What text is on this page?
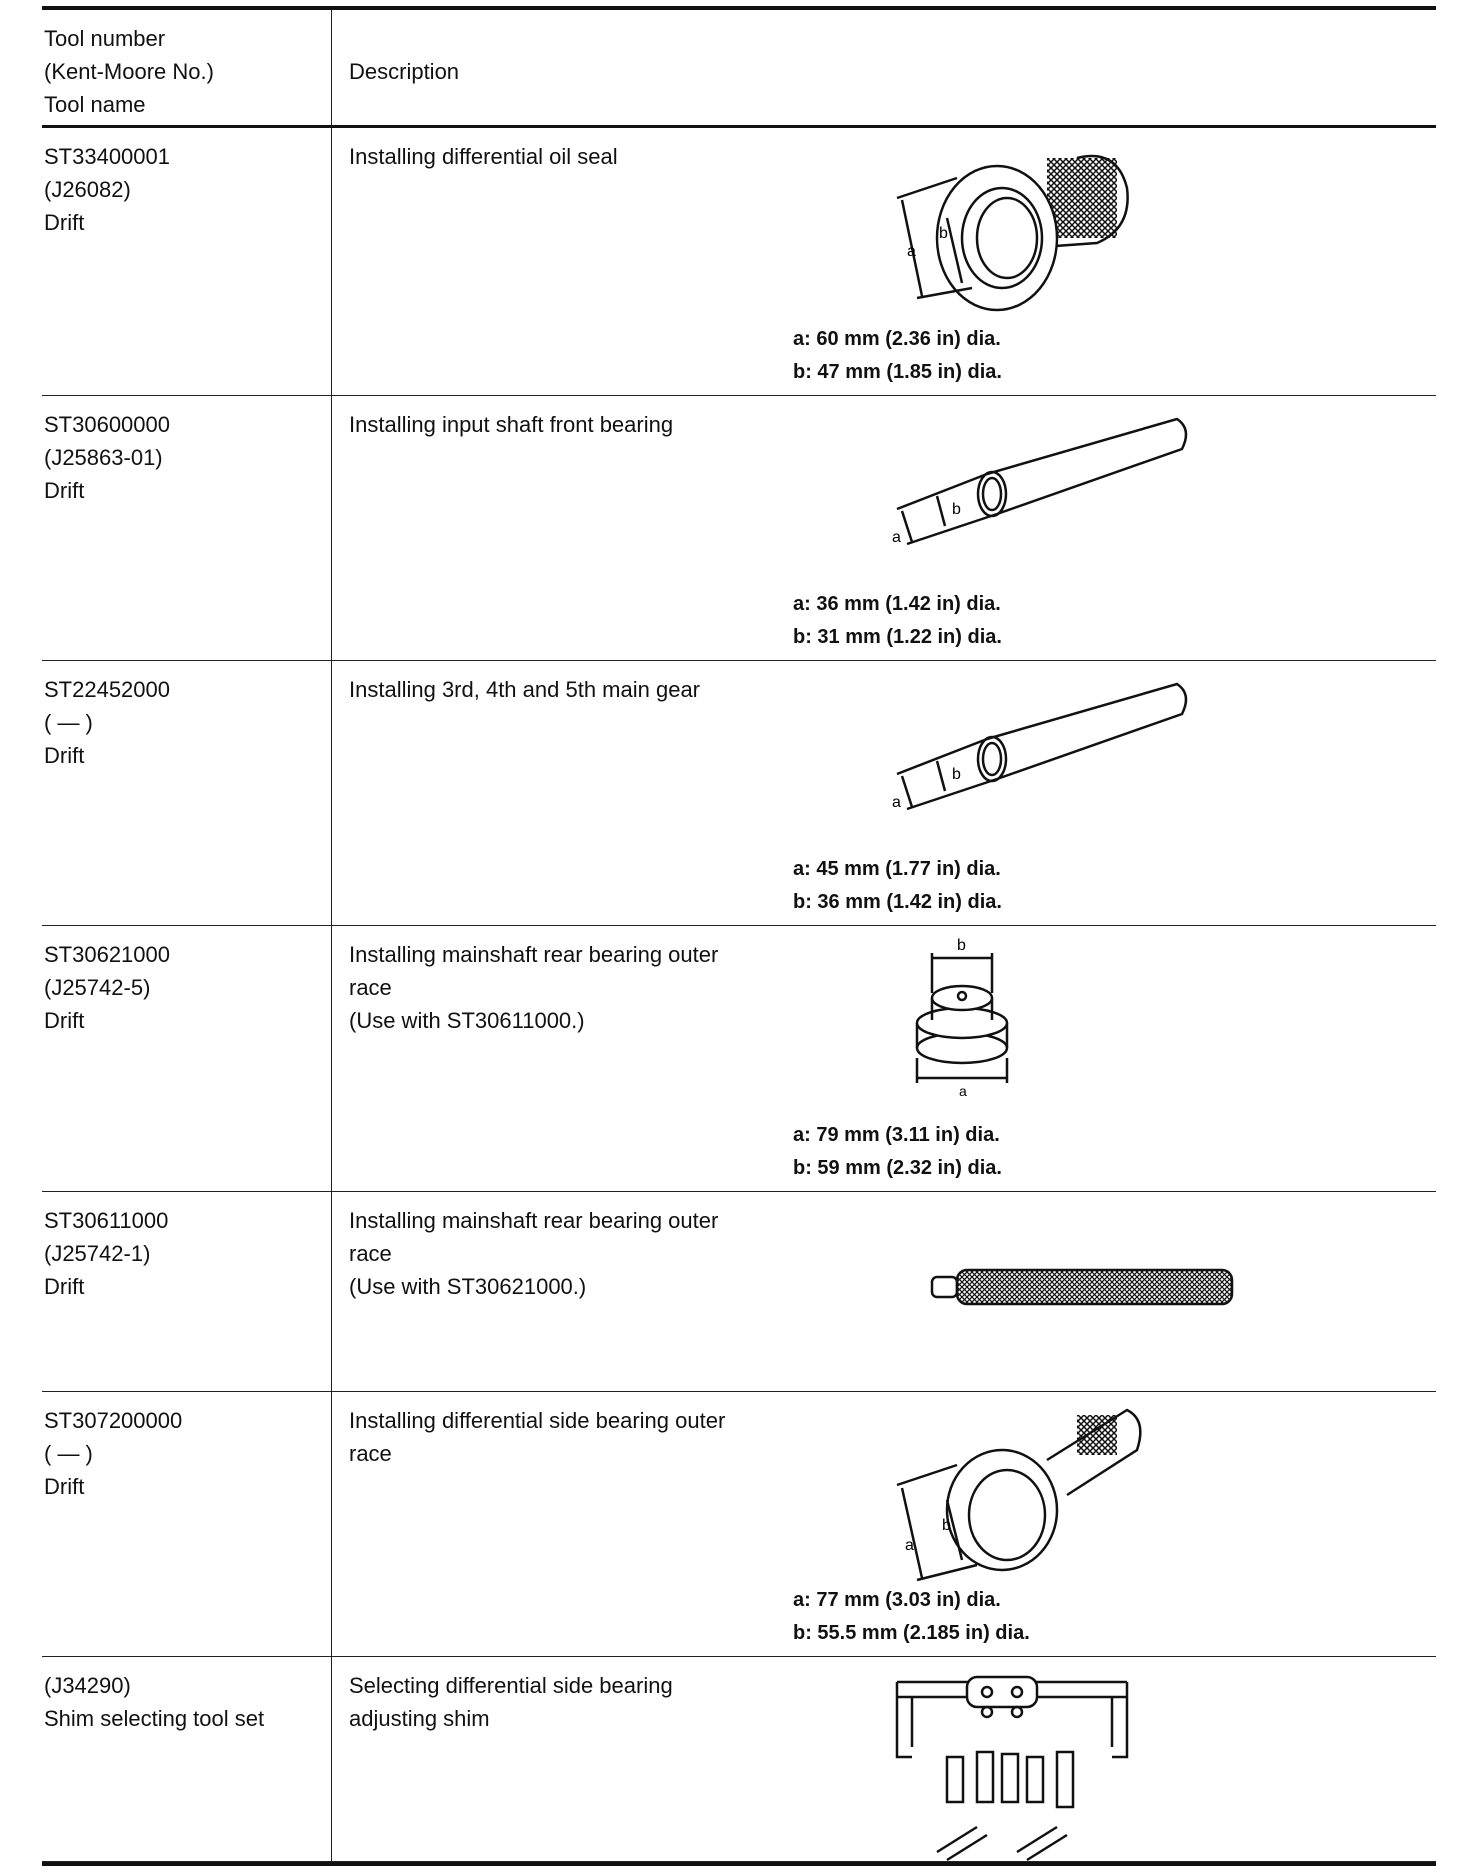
Tool number
(Kent-Moore No.)
Tool name
Description
ST33400001
(J26082)
Drift
Installing differential oil seal
a
b
a: 60 mm (2.36 in) dia.
b: 47 mm (1.85 in) dia.
ST30600000
(J25863-01)
Drift
Installing input shaft front bearing
a
b
a: 36 mm (1.42 in) dia.
b: 31 mm (1.22 in) dia.
ST22452000
( — )
Drift
Installing 3rd, 4th and 5th main gear
a
b
a: 45 mm (1.77 in) dia.
b: 36 mm (1.42 in) dia.
ST30621000
(J25742-5)
Drift
Installing mainshaft rear bearing outer
race
(Use with ST30611000.)
b
a
a: 79 mm (3.11 in) dia.
b: 59 mm (2.32 in) dia.
ST30611000
(J25742-1)
Drift
Installing mainshaft rear bearing outer
race
(Use with ST30621000.)
ST307200000
( — )
Drift
Installing differential side bearing outer
race
a
b
a: 77 mm (3.03 in) dia.
b: 55.5 mm (2.185 in) dia.
(J34290)
Shim selecting tool set
Selecting differential side bearing
adjusting shim
